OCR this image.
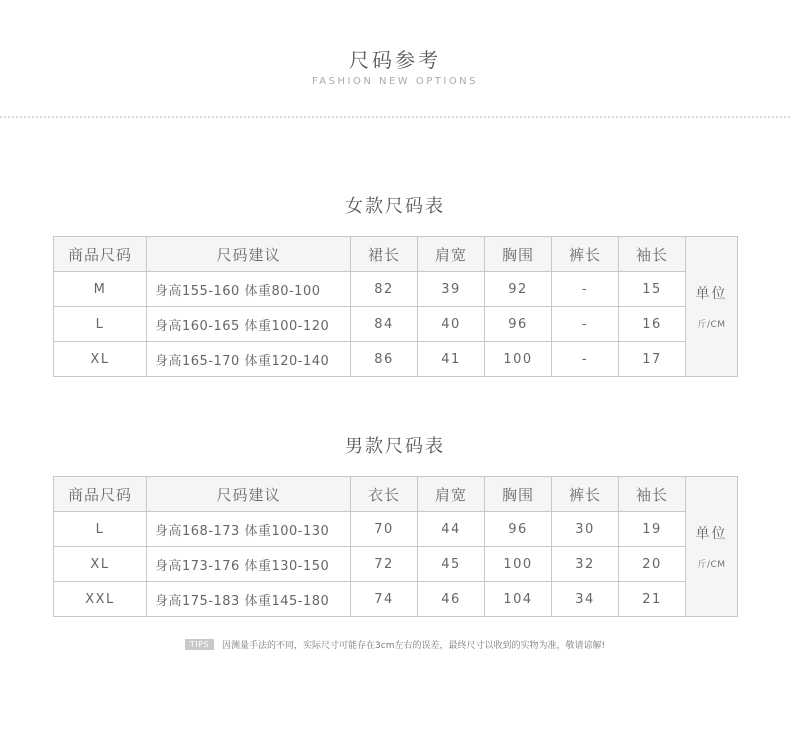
尺码参考
FASHION NEW OPTIONS
女款尺码表
商品尺码	尺码建议	裙长	肩宽	胸围	裤长	袖长	单位
斤/CM

M	身高155-160 体重80-100	82	39	92	-	15	
L	身高160-165 体重100-120	84	40	96	-	16	
XL	身高165-170 体重120-140	86	41	100	-	17	
男款尺码表
商品尺码	尺码建议	衣长	肩宽	胸围	裤长	袖长	单位
斤/CM

L	身高168-173 体重100-130	70	44	96	30	19	
XL	身高173-176 体重130-150	72	45	100	32	20	
XXL	身高175-183 体重145-180	74	46	104	34	21	
TIPS 因测量手法的不同，实际尺寸可能存在3cm左右的误差，最终尺寸以收到的实物为准，敬请谅解!
